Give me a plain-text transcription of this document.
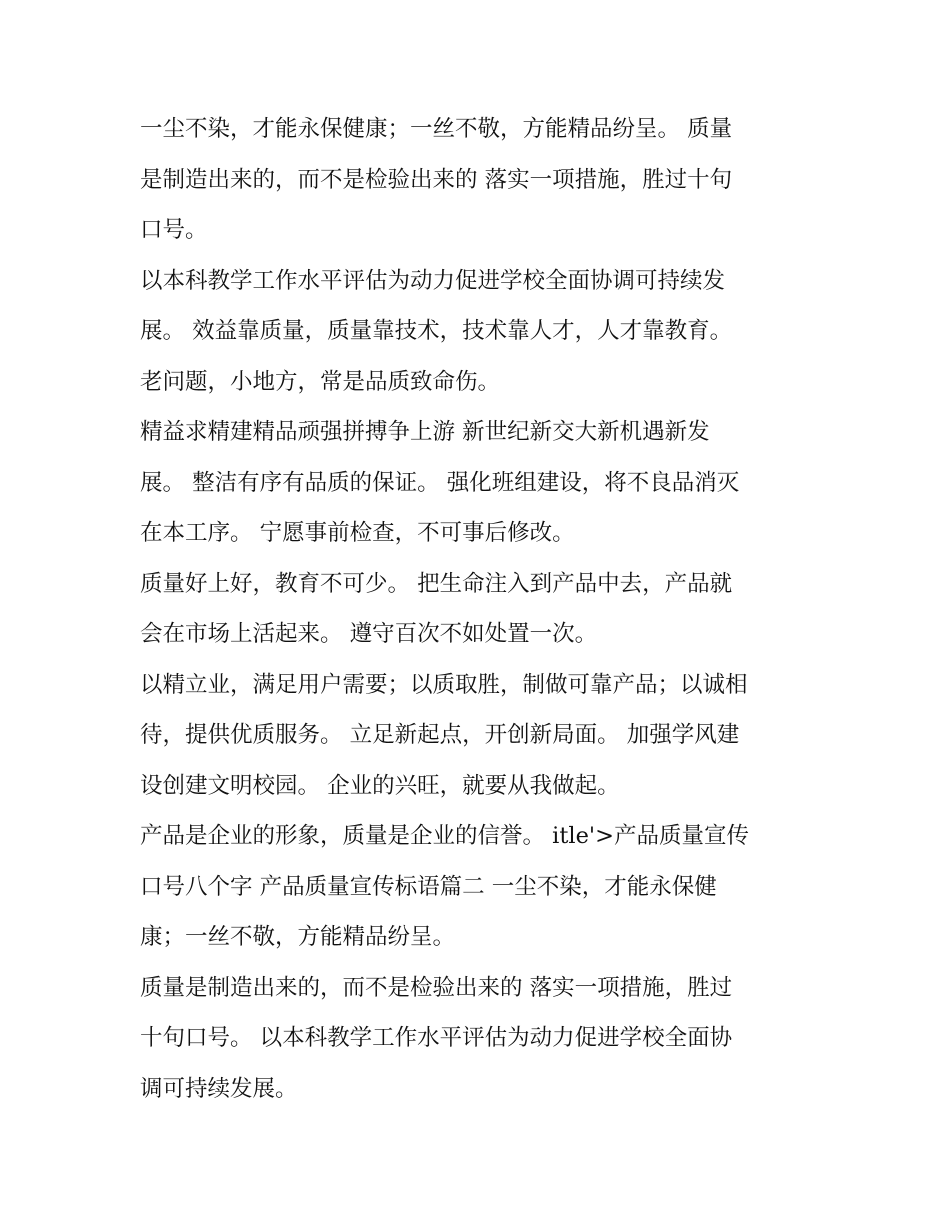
一尘不染，才能永保健康；一丝不敬，方能精品纷呈。 质量
是制造出来的，而不是检验出来的 落实一项措施，胜过十句
口号。
以本科教学工作水平评估为动力促进学校全面协调可持续发
展。 效益靠质量，质量靠技术，技术靠人才，人才靠教育。
老问题，小地方，常是品质致命伤。
精益求精建精品顽强拼搏争上游 新世纪新交大新机遇新发
展。 整洁有序有品质的保证。 强化班组建设，将不良品消灭
在本工序。 宁愿事前检查，不可事后修改。
质量好上好，教育不可少。 把生命注入到产品中去，产品就
会在市场上活起来。 遵守百次不如处置一次。
以精立业，满足用户需要；以质取胜，制做可靠产品；以诚相
待，提供优质服务。 立足新起点，开创新局面。 加强学风建
设创建文明校园。 企业的兴旺，就要从我做起。
产品是企业的形象，质量是企业的信誉。 itle'>产品质量宣传
口号八个字 产品质量宣传标语篇二 一尘不染，才能永保健
康；一丝不敬，方能精品纷呈。
质量是制造出来的，而不是检验出来的 落实一项措施，胜过
十句口号。 以本科教学工作水平评估为动力促进学校全面协
调可持续发展。
